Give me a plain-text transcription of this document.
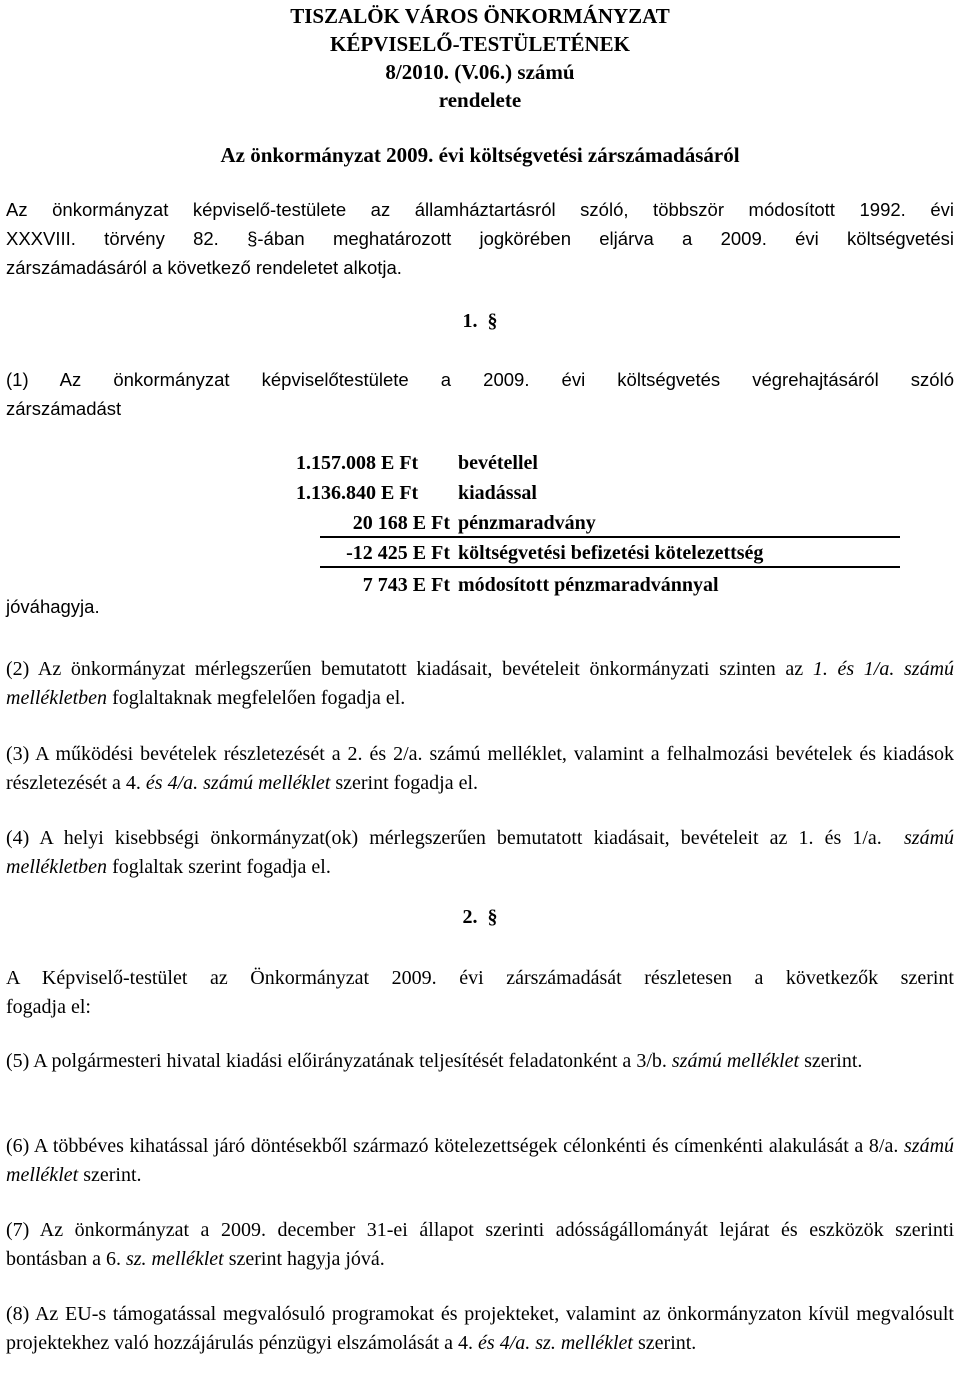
TISZALÖK VÁROS ÖNKORMÁNYZAT
KÉPVISELŐ-TESTÜLETÉNEK
8/2010. (V.06.) számú
rendelete
Az önkormányzat 2009. évi költségvetési zárszámadásáról
Az önkormányzat képviselő-testülete az államháztartásról szóló, többször módosított 1992. évi
XXXVIII. törvény 82. §-ában meghatározott jogkörében eljárva a 2009. évi költségvetési
zárszámadásáról a következő rendeletet alkotja.
1. §
(1) Az önkormányzat képviselőtestülete a 2009. évi költségvetés végrehajtásáról szóló
zárszámadást
1.157.008 E Ft	bevétellel
1.136.840 E Ft	kiadással
20 168 E Ft pénzmaradvány
-12 425 E Ft költségvetési befizetési kötelezettség
7 743 E Ft módosított pénzmaradvánnyal
jóváhagyja.
(2) Az önkormányzat mérlegszerűen bemutatott kiadásait, bevételeit önkormányzati szinten az 1. és 1/a. számú mellékletben foglaltaknak megfelelően fogadja el.
(3) A működési bevételek részletezését a 2. és 2/a. számú melléklet, valamint a felhalmozási bevételek és kiadások részletezését a 4. és 4/a. számú melléklet szerint fogadja el.
(4) A helyi kisebbségi önkormányzat(ok) mérlegszerűen bemutatott kiadásait, bevételeit az 1. és 1/a. számú mellékletben foglaltak szerint fogadja el.
2. §
A Képviselő-testület az Önkormányzat 2009. évi zárszámadását részletesen a következők szerint
fogadja el:
(5) A polgármesteri hivatal kiadási előirányzatának teljesítését feladatonként a 3/b. számú melléklet szerint.
(6) A többéves kihatással járó döntésekből származó kötelezettségek célonkénti és címenkénti alakulását a 8/a. számú melléklet szerint.
(7) Az önkormányzat a 2009. december 31-ei állapot szerinti adósságállományát lejárat és eszközök szerinti bontásban a 6. sz. melléklet szerint hagyja jóvá.
(8) Az EU-s támogatással megvalósuló programokat és projekteket, valamint az önkormányzaton kívül megvalósult projektekhez való hozzájárulás pénzügyi elszámolását a 4. és 4/a. sz. melléklet szerint.
